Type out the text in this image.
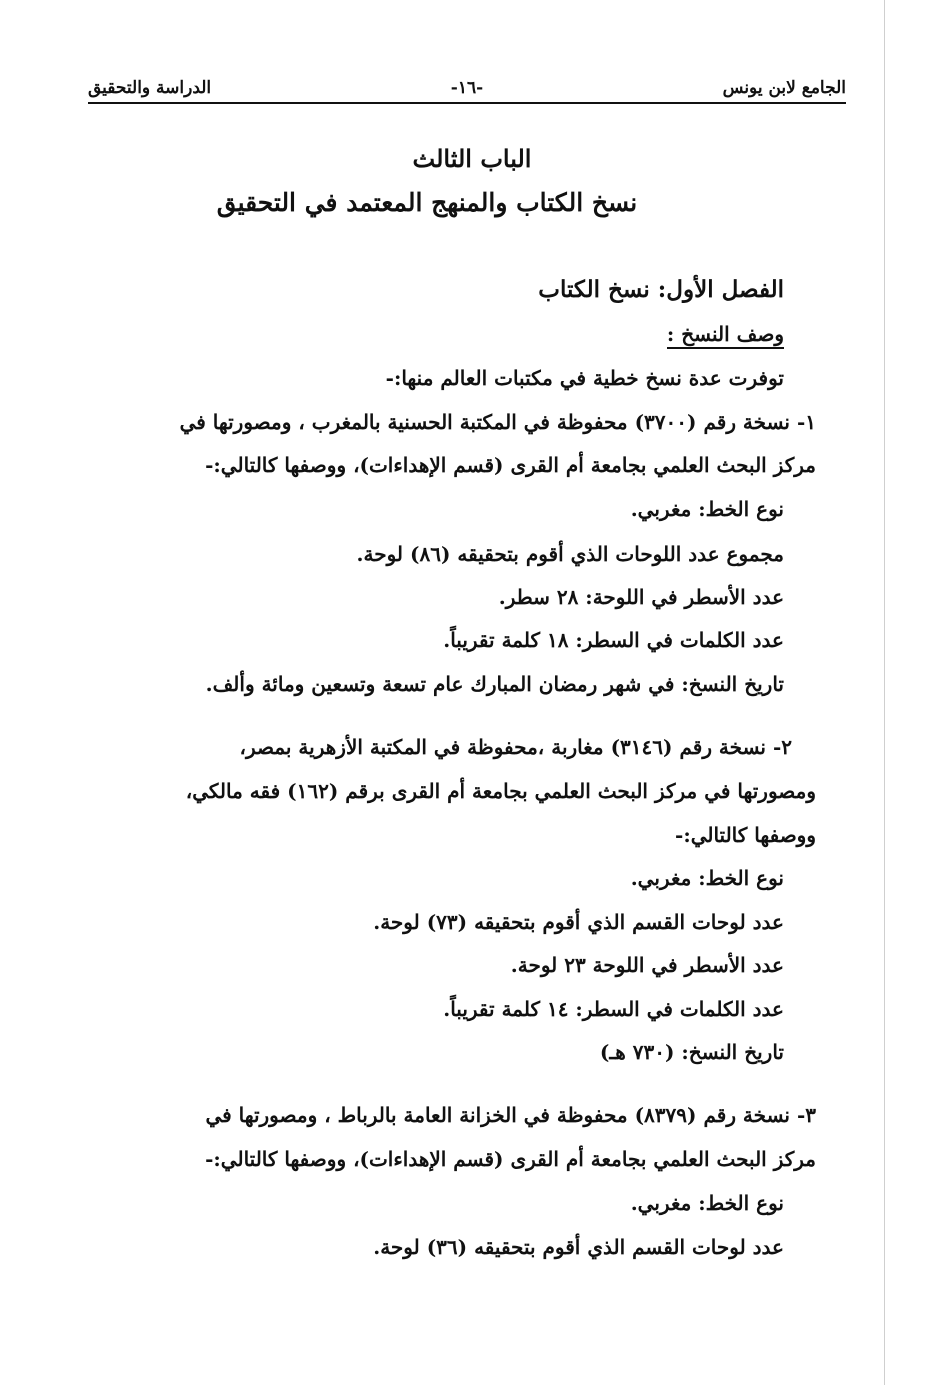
الجامع لابن يونس
-١٦-
الدراسة والتحقيق
الباب الثالث
نسخ الكتاب والمنهج المعتمد في التحقيق
الفصل الأول: نسخ الكتاب
وصف النسخ :
توفرت عدة نسخ خطية في مكتبات العالم منها:-
١- نسخة رقم (٣٧٠٠) محفوظة في المكتبة الحسنية بالمغرب ، ومصورتها في
مركز البحث العلمي بجامعة أم القرى (قسم الإهداءات)، ووصفها كالتالي:-
نوع الخط: مغربي.
مجموع عدد اللوحات الذي أقوم بتحقيقه (٨٦) لوحة.
عدد الأسطر في اللوحة: ٢٨ سطر.
عدد الكلمات في السطر: ١٨ كلمة تقريباً.
تاريخ النسخ: في شهر رمضان المبارك عام تسعة وتسعين ومائة وألف.
٢- نسخة رقم (٣١٤٦) مغاربة ،محفوظة في المكتبة الأزهرية بمصر،
ومصورتها في مركز البحث العلمي بجامعة أم القرى برقم (١٦٢) فقه مالكي،
ووصفها كالتالي:-
نوع الخط: مغربي.
عدد لوحات القسم الذي أقوم بتحقيقه (٧٣) لوحة.
عدد الأسطر في اللوحة ٢٣ لوحة.
عدد الكلمات في السطر: ١٤ كلمة تقريباً.
تاريخ النسخ: (٧٣٠ هـ)
٣- نسخة رقم (٨٣٧٩) محفوظة في الخزانة العامة بالرباط ، ومصورتها في
مركز البحث العلمي بجامعة أم القرى (قسم الإهداءات)، ووصفها كالتالي:-
نوع الخط: مغربي.
عدد لوحات القسم الذي أقوم بتحقيقه (٣٦) لوحة.
